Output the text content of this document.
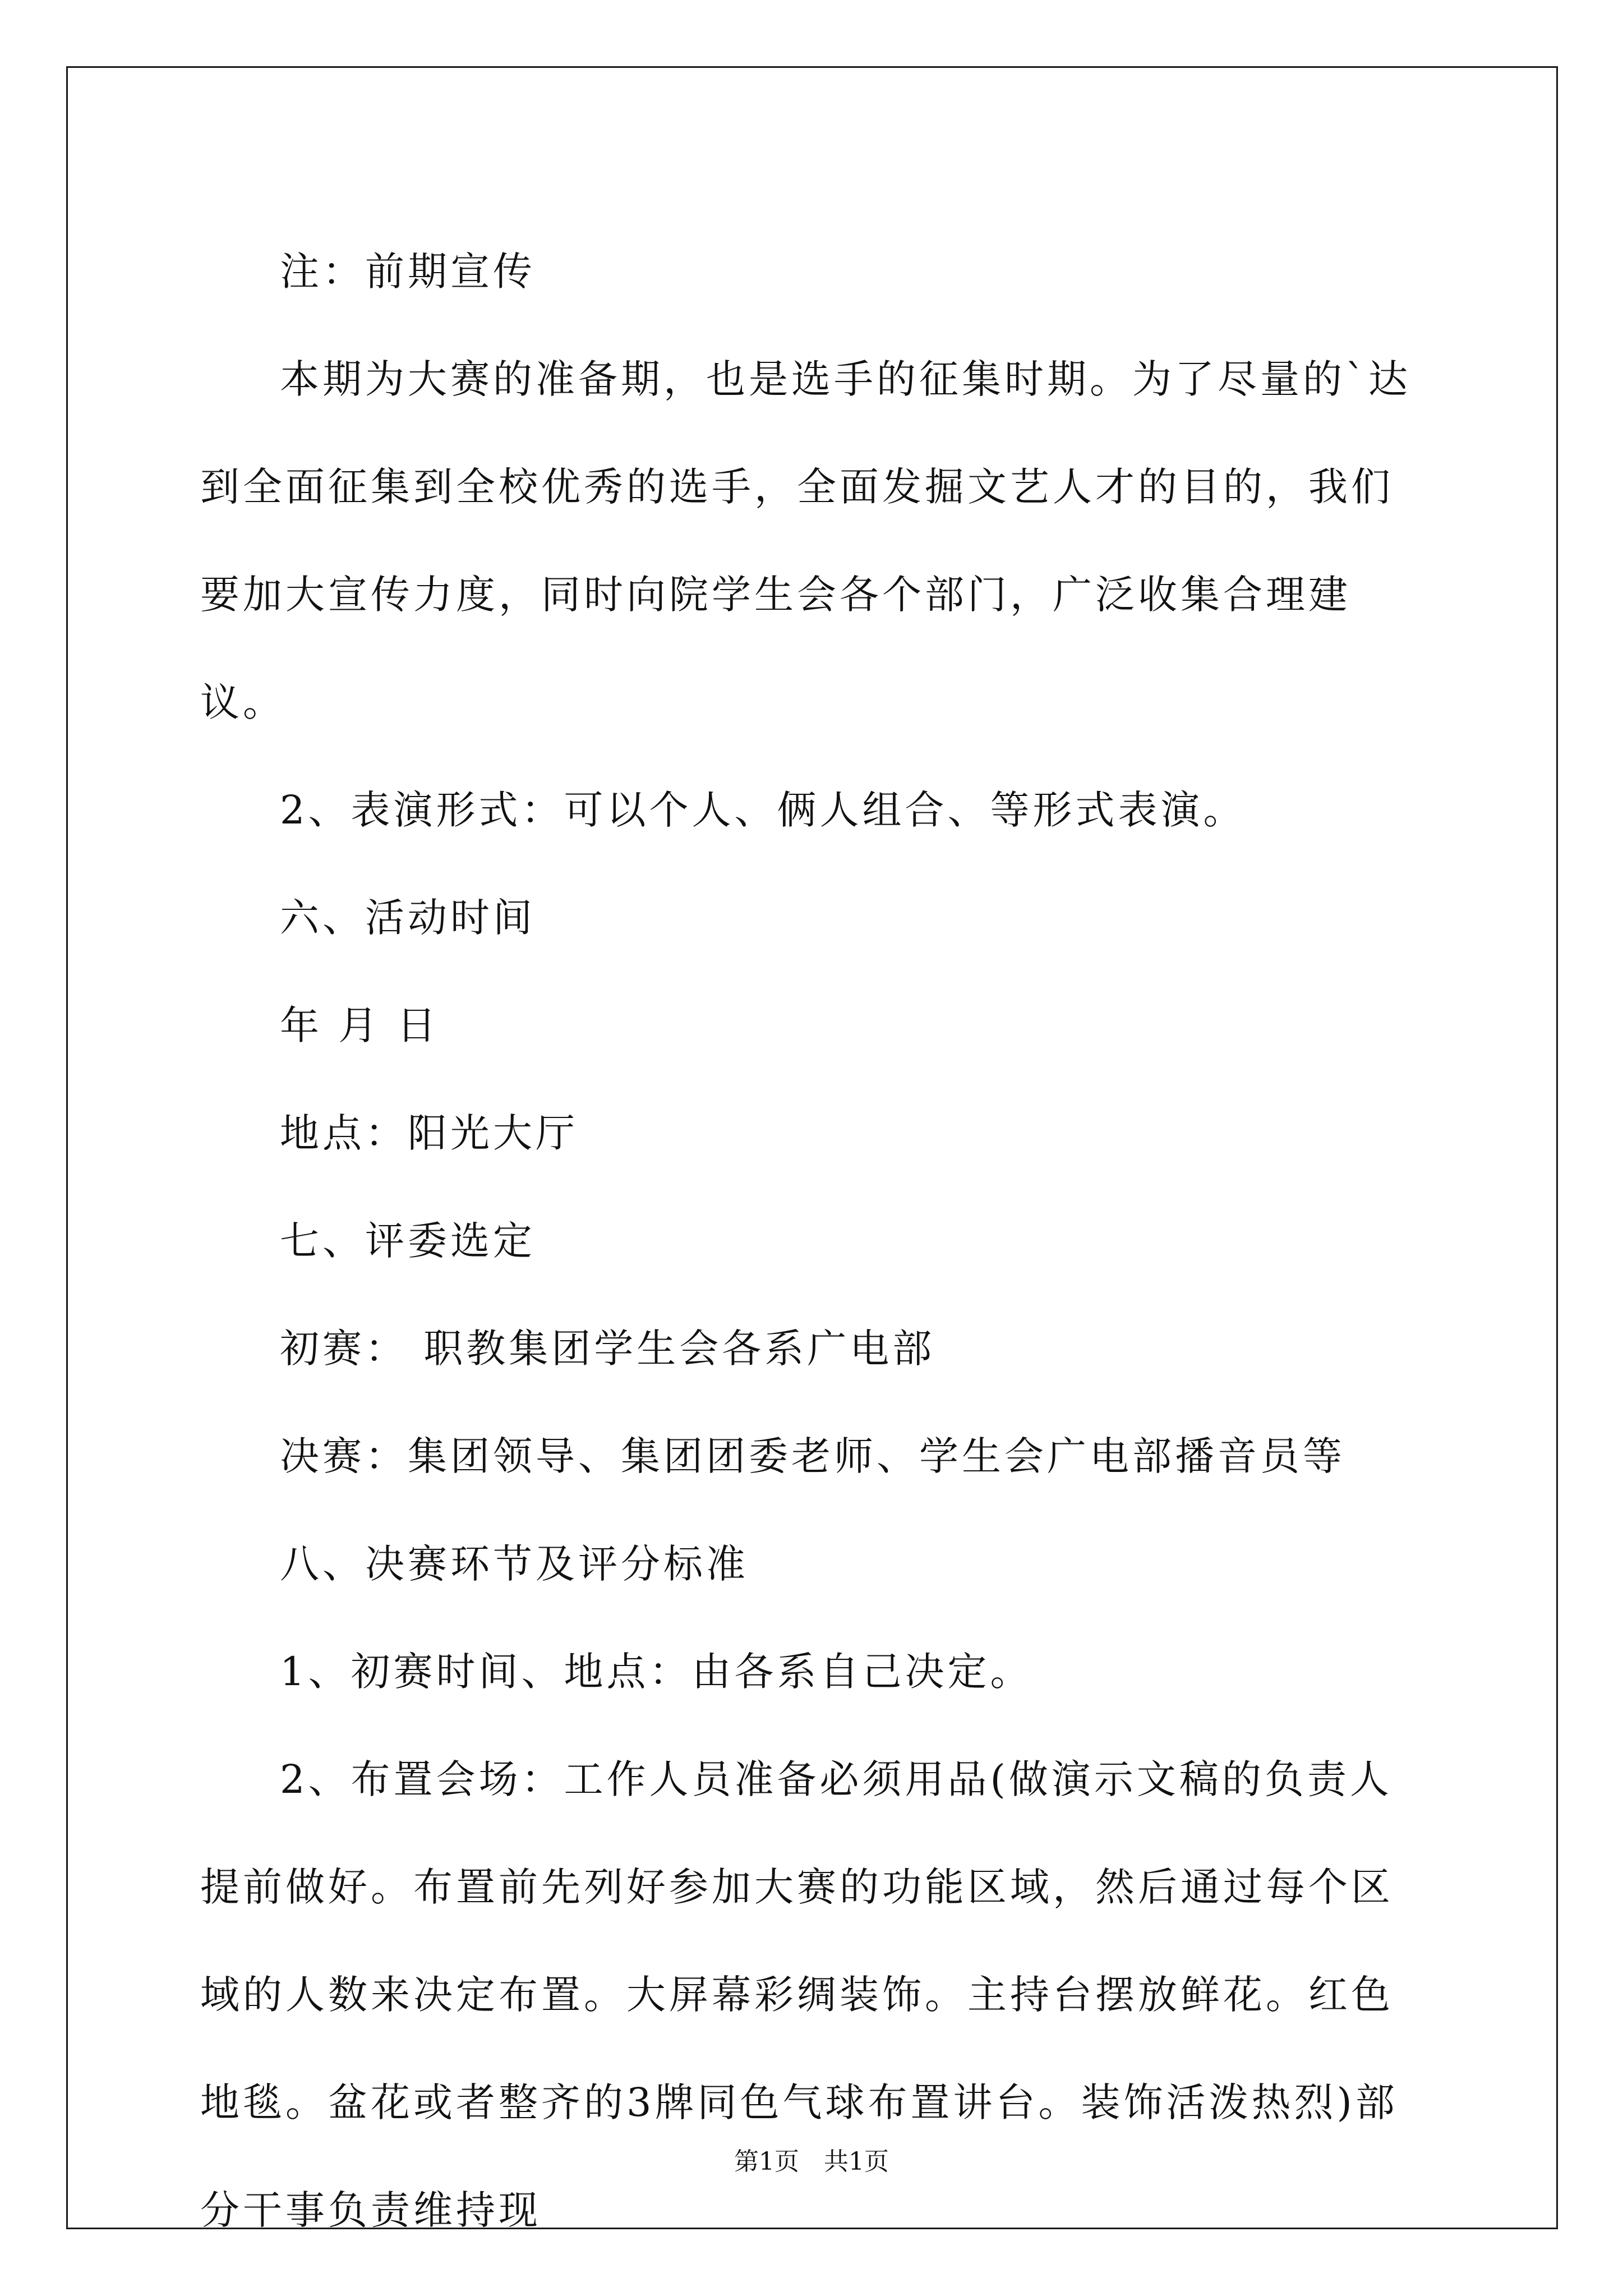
注：前期宣传

本期为大赛的准备期，也是选手的征集时期。为了尽量的`达到全面征集到全校优秀的选手，全面发掘文艺人才的目的，我们要加大宣传力度，同时向院学生会各个部门，广泛收集合理建议。

2、表演形式：可以个人、俩人组合、等形式表演。

六、活动时间

年 月 日

地点：阳光大厅

七、评委选定

初赛： 职教集团学生会各系广电部

决赛：集团领导、集团团委老师、学生会广电部播音员等

八、决赛环节及评分标准

1、初赛时间、地点：由各系自己决定。

2、布置会场：工作人员准备必须用品(做演示文稿的负责人提前做好。布置前先列好参加大赛的功能区域，然后通过每个区域的人数来决定布置。大屏幕彩绸装饰。主持台摆放鲜花。红色地毯。盆花或者整齐的3牌同色气球布置讲台。装饰活泼热烈)部分干事负责维持现

第1页　共1页
